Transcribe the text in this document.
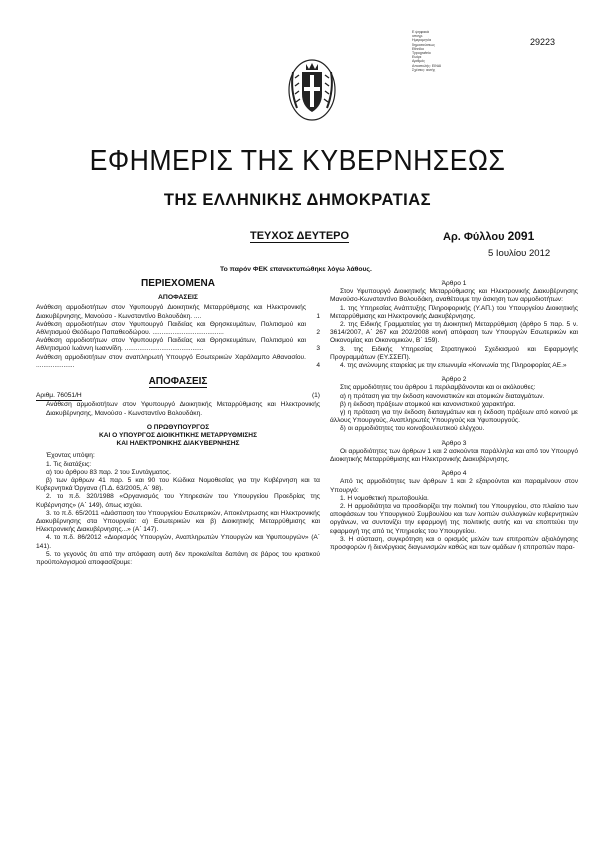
Ε ψηφιακά
υπογρ.
Ημερομηνία
δημοσιεύσεως
Ethniko
Typografeio
Ευάρι
Αριθμός
Αποστολής: ΕΙΝΑΙ
Σχέσεις: αυτής
29223
ΕΦΗΜΕΡΙΣ ΤΗΣ ΚΥΒΕΡΝΗΣΕΩΣ
ΤΗΣ ΕΛΛΗΝΙΚΗΣ ΔΗΜΟΚΡΑΤΙΑΣ
ΤΕΥΧΟΣ ΔΕΥΤΕΡΟ	Αρ. Φύλλου 2091
5 Ιουλίου 2012
Το παρόν ΦΕΚ επανεκτυπώθηκε λόγω λάθους.
ΠΕΡΙΕΧΟΜΕΝΑ
ΑΠΟΦΑΣΕΙΣ
Ανάθεση αρμοδιοτήτων στον Υφυπουργό Διοικητικής Μεταρρύθμισης και Ηλεκτρονικής Διακυβέρνησης, Μανούσο - Κωνσταντίνο Βολουδάκη. ....	1
Ανάθεση αρμοδιοτήτων στον Υφυπουργό Παιδείας και Θρησκευμάτων, Πολιτισμού και Αθλητισμού Θεόδωρο Παπαθεοδώρου. .......................................	2
Ανάθεση αρμοδιοτήτων στον Υφυπουργό Παιδείας και Θρησκευμάτων, Πολιτισμού και Αθλητισμού Ιωάννη Ιωαννίδη. ...........................................	3
Ανάθεση αρμοδιοτήτων στον αναπληρωτή Υπουργό Εσωτερικών Χαράλαμπο Αθανασίου. .....................	4
ΑΠΟΦΑΣΕΙΣ
Αριθμ. 76051/Η	(1)

Ανάθεση αρμοδιοτήτων στον Υφυπουργό Διοικητικής Μεταρρύθμισης και Ηλεκτρονικής Διακυβέρνησης, Μανούσο - Κωνσταντίνο Βολουδάκη.

Ο ΠΡΩΘΥΠΟΥΡΓΟΣ

ΚΑΙ Ο ΥΠΟΥΡΓΟΣ ΔΙΟΙΚΗΤΙΚΗΣ ΜΕΤΑΡΡΥΘΜΙΣΗΣ

ΚΑΙ ΗΛΕΚΤΡΟΝΙΚΗΣ ΔΙΑΚΥΒΕΡΝΗΣΗΣ

Έχοντας υπόψη:

1. Τις διατάξεις:

α) του άρθρου 83 παρ. 2 του Συντάγματος.

β) των άρθρων 41 παρ. 5 και 90 του Κώδικα Νομοθεσίας για την Κυβέρνηση και τα Κυβερνητικά Όργανα (Π.Δ. 63/2005, Α΄ 98).

2. το π.δ. 320/1988 «Οργανισμός του Υπηρεσιών του Υπουργείου Προεδρίας της Κυβέρνησης» (Α΄ 149), όπως ισχύει.

3. το π.δ. 65/2011 «Διάσπαση του Υπουργείου Εσωτερικών, Αποκέντρωσης και Ηλεκτρονικής Διακυβέρνησης στα Υπουργεία: α) Εσωτερικών και β) Διοικητικής Μεταρρύθμισης και Ηλεκτρονικής Διακυβέρνησης...» (Α΄ 147).

4. το π.δ. 86/2012 «Διορισμός Υπουργών, Αναπληρωτών Υπουργών και Υφυπουργών» (Α΄ 141).

5. το γεγονός ότι από την απόφαση αυτή δεν προκαλείται δαπάνη σε βάρος του κρατικού προϋπολογισμού αποφασίζουμε:

Άρθρο 1

Στον Υφυπουργό Διοικητικής Μεταρρύθμισης και Ηλεκτρονικής Διακυβέρνησης Μανούσο-Κωνσταντίνο Βολουδάκη, αναθέτουμε την άσκηση των αρμοδιοτήτων:

1. της Υπηρεσίας Ανάπτυξης Πληροφορικής (Υ.ΑΠ.) του Υπουργείου Διοικητικής Μεταρρύθμισης και Ηλεκτρονικής Διακυβέρνησης.

2. της Ειδικής Γραμματείας για τη Διοικητική Μεταρρύθμιση (άρθρο 5 παρ. 5 ν. 3614/2007, Α΄ 267 και 202/2008 κοινή απόφαση των Υπουργών Εσωτερικών και Οικονομίας και Οικονομικών, Β΄ 159).

3. της Ειδικής Υπηρεσίας Στρατηγικού Σχεδιασμού και Εφαρμογής Προγραμμάτων (ΕΥ.ΣΣΕΠ).

4. της ανώνυμης εταιρείας με την επωνυμία «Κοινωνία της Πληροφορίας ΑΕ.»

Άρθρο 2

Στις αρμοδιότητες του άρθρου 1 περιλαμβάνονται και οι ακόλουθες:

α) η πρόταση για την έκδοση κανονιστικών και ατομικών διαταγμάτων.

β) η έκδοση πράξεων ατομικού και κανονιστικού χαρακτήρα.

γ) η πρόταση για την έκδοση διαταγμάτων και η έκδοση πράξεων από κοινού με άλλους Υπουργούς, Αναπληρωτές Υπουργούς και Υφυπουργούς.

δ) οι αρμοδιότητες του κοινοβουλευτικού ελέγχου.

Άρθρο 3

Οι αρμοδιότητες των άρθρων 1 και 2 ασκούνται παράλληλα και από τον Υπουργό Διοικητικής Μεταρρύθμισης και Ηλεκτρονικής Διακυβέρνησης.

Άρθρο 4

Από τις αρμοδιότητες των άρθρων 1 και 2 εξαιρούνται και παραμένουν στον Υπουργό:

1. Η νομοθετική πρωτοβουλία.

2. Η αρμοδιότητα να προσδιορίζει την πολιτική του Υπουργείου, στο πλαίσιο των αποφάσεων του Υπουργικού Συμβουλίου και των λοιπών συλλογικών κυβερνητικών οργάνων, να συντονίζει την εφαρμογή της πολιτικής αυτής και να εποπτεύει την εφαρμογή της από τις Υπηρεσίες του Υπουργείου.

3. Η σύσταση, συγκρότηση και ο ορισμός μελών των επιτροπών αξιολόγησης προσφορών ή διενέργειας διαγωνισμών καθώς και των ομάδων ή επιτροπών παρα-
